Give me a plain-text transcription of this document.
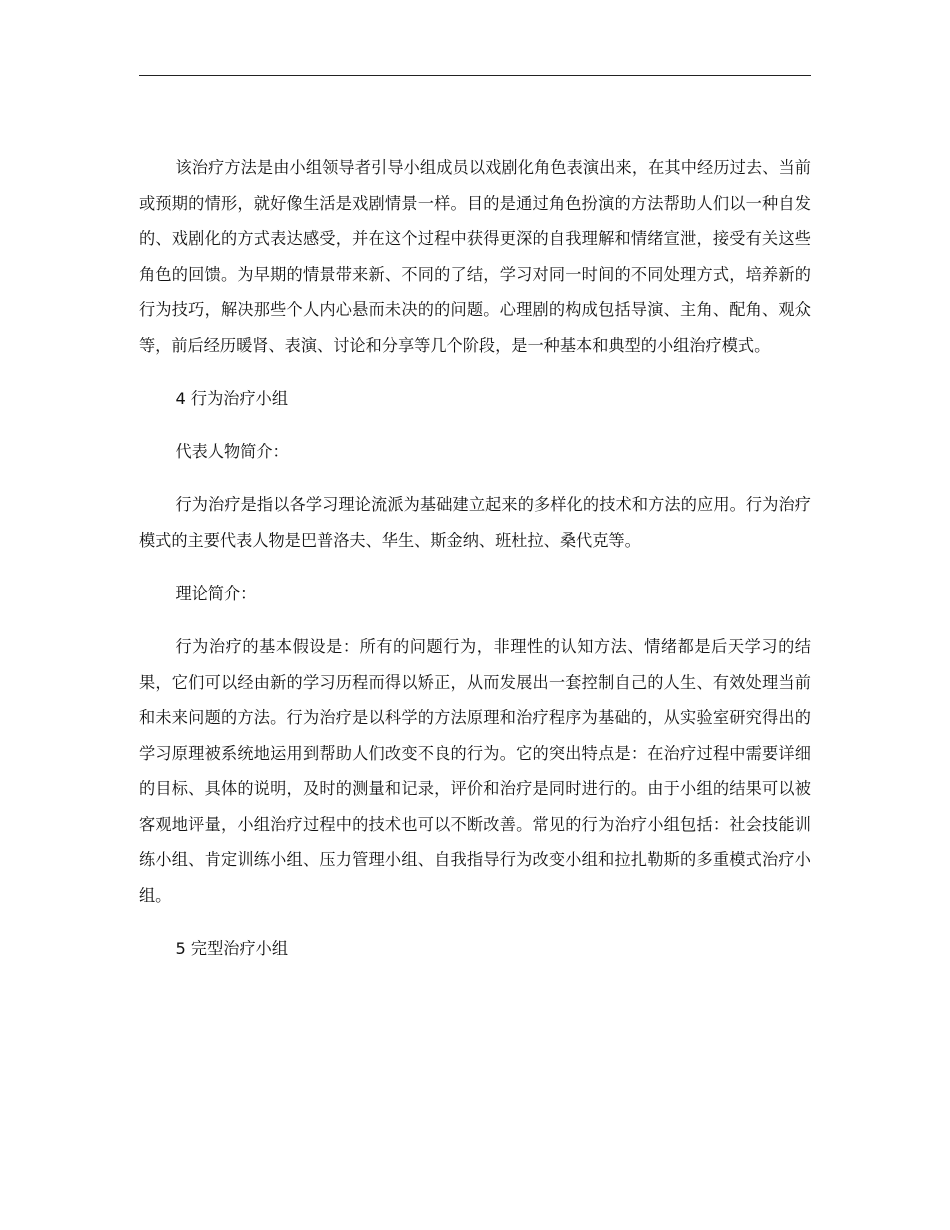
该治疗方法是由小组领导者引导小组成员以戏剧化角色表演出来，在其中经历过去、当前或预期的情形，就好像生活是戏剧情景一样。目的是通过角色扮演的方法帮助人们以一种自发的、戏剧化的方式表达感受，并在这个过程中获得更深的自我理解和情绪宣泄，接受有关这些角色的回馈。为早期的情景带来新、不同的了结，学习对同一时间的不同处理方式，培养新的行为技巧，解决那些个人内心悬而未决的的问题。心理剧的构成包括导演、主角、配角、观众等，前后经历暖肾、表演、讨论和分享等几个阶段，是一种基本和典型的小组治疗模式。

4 行为治疗小组

代表人物简介：

行为治疗是指以各学习理论流派为基础建立起来的多样化的技术和方法的应用。行为治疗模式的主要代表人物是巴普洛夫、华生、斯金纳、班杜拉、桑代克等。

理论简介：

行为治疗的基本假设是：所有的问题行为，非理性的认知方法、情绪都是后天学习的结果，它们可以经由新的学习历程而得以矫正，从而发展出一套控制自己的人生、有效处理当前和未来问题的方法。行为治疗是以科学的方法原理和治疗程序为基础的，从实验室研究得出的学习原理被系统地运用到帮助人们改变不良的行为。它的突出特点是：在治疗过程中需要详细的目标、具体的说明，及时的测量和记录，评价和治疗是同时进行的。由于小组的结果可以被客观地评量，小组治疗过程中的技术也可以不断改善。常见的行为治疗小组包括：社会技能训练小组、肯定训练小组、压力管理小组、自我指导行为改变小组和拉扎勒斯的多重模式治疗小组。

5 完型治疗小组
